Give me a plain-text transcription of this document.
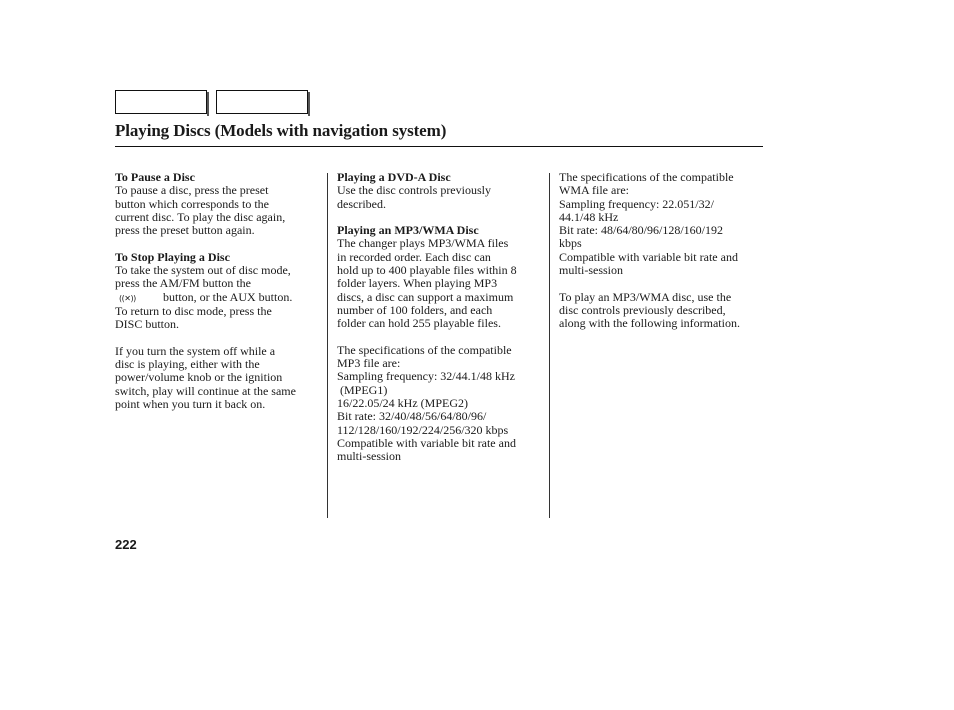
Playing Discs (Models with navigation system)
To Pause a Disc
To pause a disc, press the preset
button which corresponds to the
current disc. To play the disc again,
press the preset button again.
To Stop Playing a Disc
To take the system out of disc mode,
press the AM/FM button the
((✕)) button, or the AUX button.
To return to disc mode, press the
DISC button.
If you turn the system off while a
disc is playing, either with the
power/volume knob or the ignition
switch, play will continue at the same
point when you turn it back on.
Playing a DVD-A Disc
Use the disc controls previously
described.
Playing an MP3/WMA Disc
The changer plays MP3/WMA files
in recorded order. Each disc can
hold up to 400 playable files within 8
folder layers. When playing MP3
discs, a disc can support a maximum
number of 100 folders, and each
folder can hold 255 playable files.
The specifications of the compatible
MP3 file are:
Sampling frequency: 32/44.1/48 kHz
(MPEG1)
16/22.05/24 kHz (MPEG2)
Bit rate: 32/40/48/56/64/80/96/
112/128/160/192/224/256/320 kbps
Compatible with variable bit rate and
multi-session
The specifications of the compatible
WMA file are:
Sampling frequency: 22.051/32/
44.1/48 kHz
Bit rate: 48/64/80/96/128/160/192
kbps
Compatible with variable bit rate and
multi-session
To play an MP3/WMA disc, use the
disc controls previously described,
along with the following information.
222
